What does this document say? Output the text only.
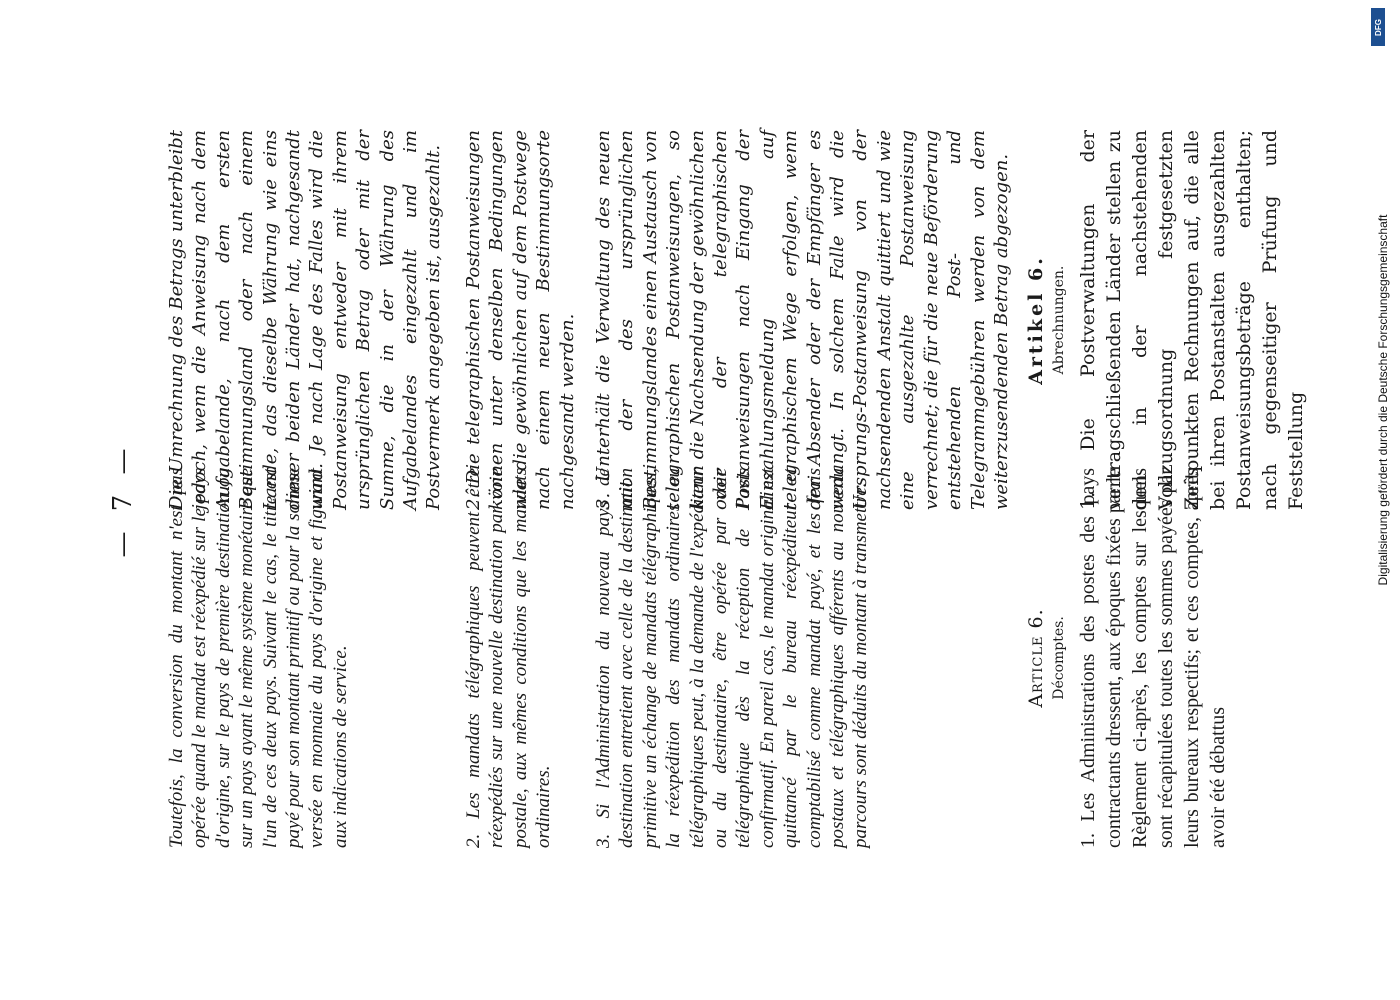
— 7 — Toutefois, la conversion du montant n'est pas opérée quand le mandat est réexpédié sur le pays d'origine, sur le pays de première destination ou sur un pays ayant le même système monétaire que l'un de ces deux pays. Suivant le cas, le titre est payé pour son montant primitif ou pour la somme versée en monnaie du pays d'origine et figurant aux indications de service.	2. Les mandats télégraphiques peuvent être réexpédiés sur une nouvelle destination par voie postale, aux mêmes conditions que les mandats ordinaires. 3. Si l'Administration du nouveau pays de destination entretient avec celle de la destination primitive un échange de mandats télégraphiques, la réexpédition des mandats ordinaires ou télégraphiques peut, à la demande de l'expéditeur ou du destinataire, être opérée par voie télégraphique dès la réception de l'avis confirmatif. En pareil cas, le mandat original est quittancé par le bureau réexpéditeur et comptabilisé comme mandat payé, et les frais postaux et télégraphiques afférents au nouveau parcours sont déduits du montant à transmettre.	Article 6. Décomptes. 1. Les Administrations des postes des pays contractants dressent, aux époques fixées par le Règlement ci-après, les comptes sur lesquels sont récapitulées toutes les sommes payées par leurs bureaux respectifs; et ces comptes, après avoir été débattus

Die Umrechnung des Betrags unterbleibt jedoch, wenn die Anweisung nach dem Aufgabelande, nach dem ersten Bestimmungsland oder nach einem Lande, das dieselbe Währung wie eins dieser beiden Länder hat, nachgesandt wird. Je nach Lage des Falles wird die Postanweisung entweder mit ihrem ursprünglichen Betrag oder mit der Summe, die in der Währung des Aufgabelandes eingezahlt und im Postvermerk angegeben ist, ausgezahlt. 2. Die telegraphischen Postanweisungen können unter denselben Bedingungen wie die gewöhnlichen auf dem Postwege nach einem neuen Bestimmungsorte nachgesandt werden. 3. Unterhält die Verwaltung des neuen mit der des ursprünglichen Bestimmungslandes einen Austausch von telegraphischen Postanweisungen, so kann die Nachsendung der gewöhnlichen oder der telegraphischen Postanweisungen nach Eingang der Einzahlungsmeldung auf telegraphischem Wege erfolgen, wenn der Absender oder der Empfänger es verlangt. In solchem Falle wird die Ursprungs-Postanweisung von der nachsendenden Anstalt quittiert und wie eine ausgezahlte Postanweisung verrechnet; die für die neue Beförderung entstehenden Post- und Telegrammgebühren werden von dem weiterzusendenden Betrag abgezogen. Artikel 6. Abrechnungen. 1. Die Postverwaltungen der vertragschließenden Länder stellen zu den in der nachstehenden Vollzugsordnung festgesetzten Zeitpunkten Rechnungen auf, die alle bei ihren Postanstalten ausgezahlten Postanweisungsbeträge enthalten; nach gegenseitiger Prüfung und Feststellung

DFG
Digitalisierung gefördert durch die Deutsche Forschungsgemeinschaft
